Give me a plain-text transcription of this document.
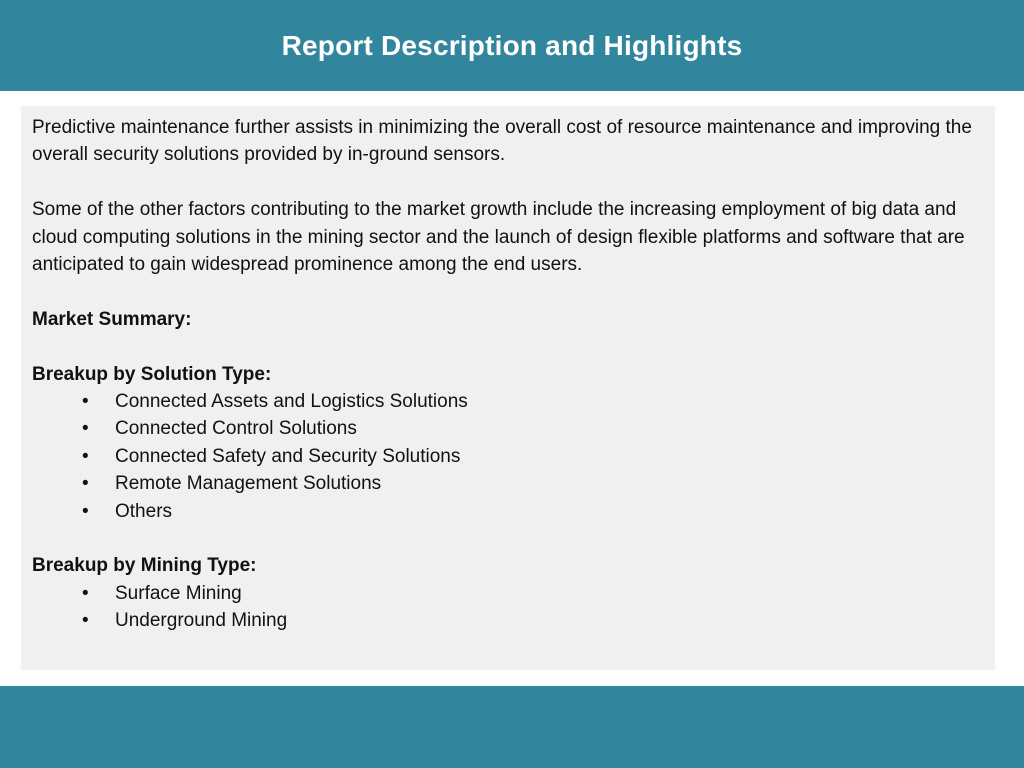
Report Description and Highlights

Predictive maintenance further assists in minimizing the overall cost of resource maintenance and improving the overall security solutions provided by in-ground sensors.

Some of the other factors contributing to the market growth include the increasing employment of big data and cloud computing solutions in the mining sector and the launch of design flexible platforms and software that are anticipated to gain widespread prominence among the end users.

Market Summary:

Breakup by Solution Type:

• Connected Assets and Logistics Solutions
• Connected Control Solutions
• Connected Safety and Security Solutions
• Remote Management Solutions
• Others

Breakup by Mining Type:

• Surface Mining
• Underground Mining
